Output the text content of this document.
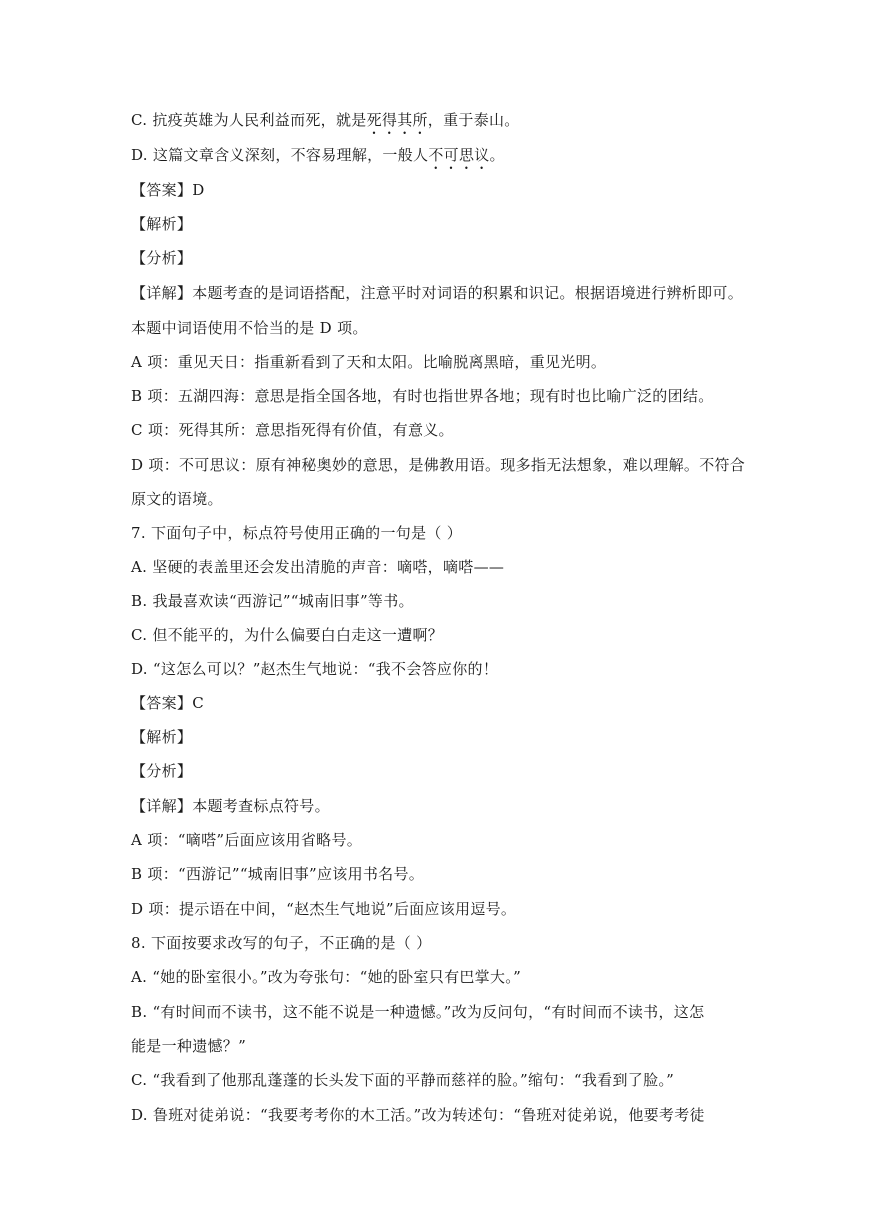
C. 抗疫英雄为人民利益而死，就是死得其所，重于泰山。
D. 这篇文章含义深刻，不容易理解，一般人不可思议。
【答案】D
【解析】
【分析】
【详解】本题考查的是词语搭配，注意平时对词语的积累和识记。根据语境进行辨析即可。
本题中词语使用不恰当的是 D 项。
A 项：重见天日：指重新看到了天和太阳。比喻脱离黑暗，重见光明。
B 项：五湖四海：意思是指全国各地，有时也指世界各地；现有时也比喻广泛的团结。
C 项：死得其所：意思指死得有价值，有意义。
D 项：不可思议：原有神秘奥妙的意思，是佛教用语。现多指无法想象，难以理解。不符合
原文的语境。
7. 下面句子中，标点符号使用正确的一句是（ ）
A. 坚硬的表盖里还会发出清脆的声音：嘀嗒，嘀嗒——
B. 我最喜欢读“西游记”“城南旧事”等书。
C. 但不能平的，为什么偏要白白走这一遭啊？
D. “这怎么可以？”赵杰生气地说：“我不会答应你的！
【答案】C
【解析】
【分析】
【详解】本题考查标点符号。
A 项：“嘀嗒”后面应该用省略号。
B 项：“西游记”“城南旧事”应该用书名号。
D 项：提示语在中间，“赵杰生气地说”后面应该用逗号。
8. 下面按要求改写的句子，不正确的是（ ）
A. “她的卧室很小。”改为夸张句：“她的卧室只有巴掌大。”
B. “有时间而不读书，这不能不说是一种遗憾。”改为反问句，“有时间而不读书，这怎
能是一种遗憾？”
C. “我看到了他那乱蓬蓬的长头发下面的平静而慈祥的脸。”缩句：“我看到了脸。”
D. 鲁班对徒弟说：“我要考考你的木工活。”改为转述句：“鲁班对徒弟说，他要考考徒
